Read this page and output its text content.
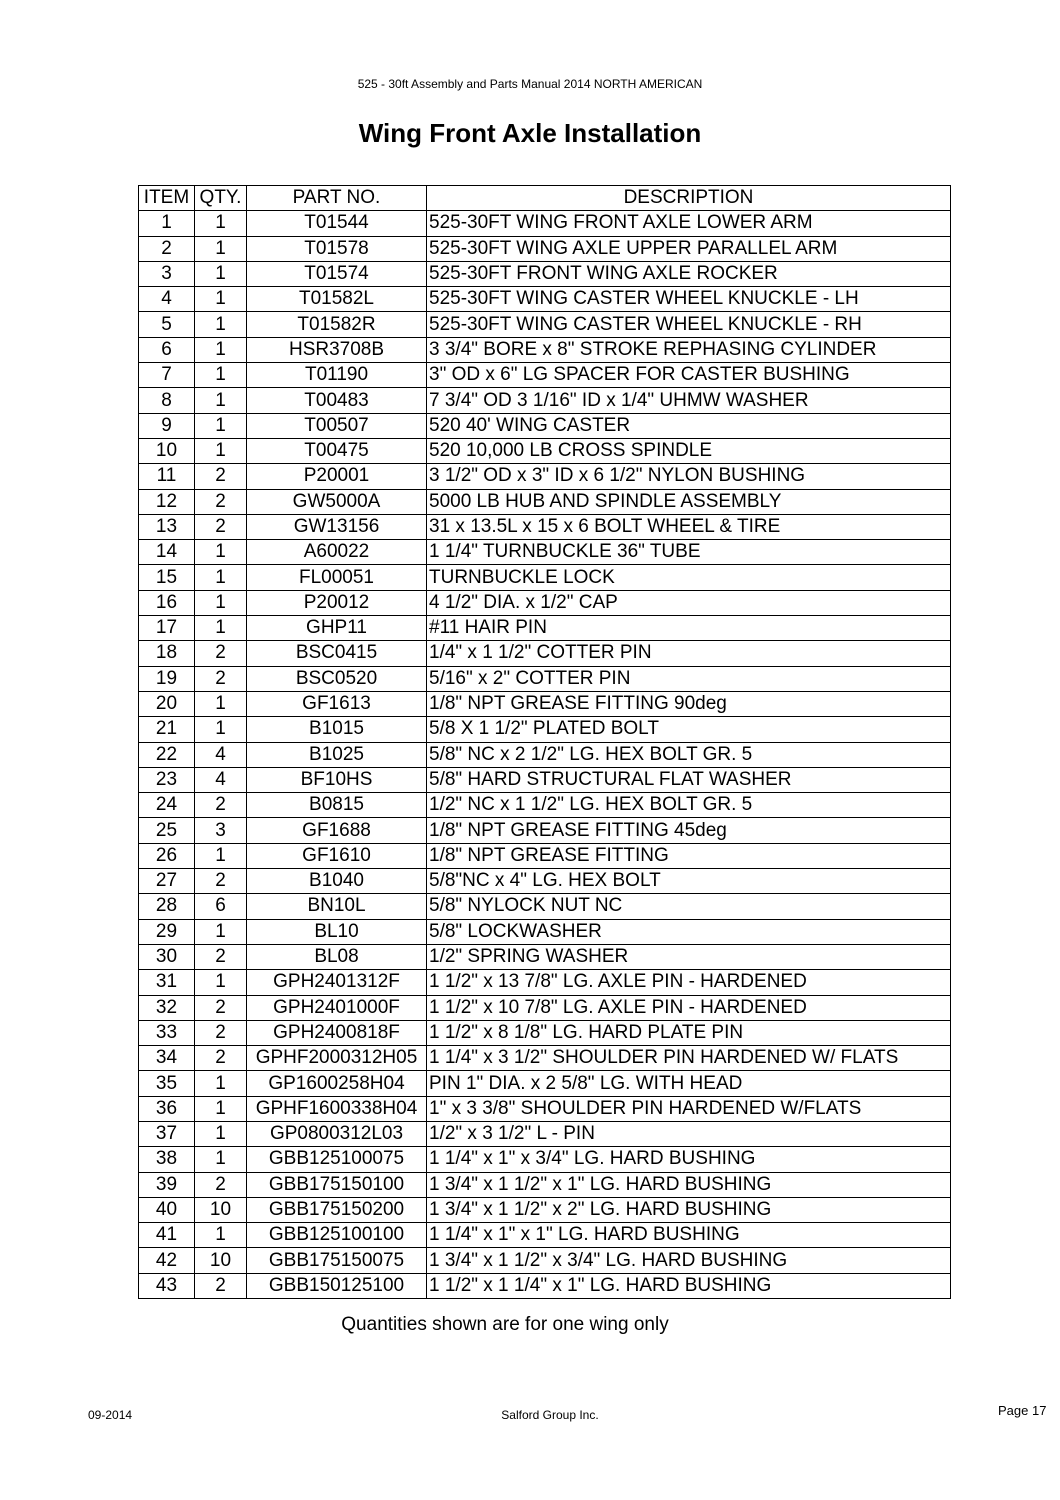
525 - 30ft Assembly and Parts Manual 2014 NORTH AMERICAN
Wing Front Axle Installation
ITEM	QTY.	PART NO.	DESCRIPTION
1	1	T01544	525-30FT WING FRONT AXLE LOWER ARM
2	1	T01578	525-30FT WING AXLE UPPER PARALLEL ARM
3	1	T01574	525-30FT FRONT WING AXLE ROCKER
4	1	T01582L	525-30FT WING CASTER WHEEL KNUCKLE - LH
5	1	T01582R	525-30FT WING CASTER WHEEL KNUCKLE - RH
6	1	HSR3708B	3 3/4" BORE x 8" STROKE REPHASING CYLINDER
7	1	T01190	3" OD x 6" LG SPACER FOR CASTER BUSHING
8	1	T00483	7 3/4" OD 3 1/16" ID x 1/4" UHMW WASHER
9	1	T00507	520 40' WING CASTER
10	1	T00475	520 10,000 LB CROSS SPINDLE
11	2	P20001	3 1/2" OD x 3" ID x 6 1/2" NYLON BUSHING
12	2	GW5000A	5000 LB HUB AND SPINDLE ASSEMBLY
13	2	GW13156	31 x 13.5L x 15 x 6 BOLT WHEEL & TIRE
14	1	A60022	1 1/4" TURNBUCKLE 36" TUBE
15	1	FL00051	TURNBUCKLE LOCK
16	1	P20012	4 1/2" DIA. x 1/2" CAP
17	1	GHP11	#11 HAIR PIN
18	2	BSC0415	1/4" x 1 1/2" COTTER PIN
19	2	BSC0520	5/16" x 2" COTTER PIN
20	1	GF1613	1/8" NPT GREASE FITTING 90deg
21	1	B1015	5/8 X 1 1/2" PLATED BOLT
22	4	B1025	5/8" NC x 2 1/2" LG. HEX BOLT GR. 5
23	4	BF10HS	5/8" HARD STRUCTURAL FLAT WASHER
24	2	B0815	1/2" NC x 1 1/2" LG. HEX BOLT GR. 5
25	3	GF1688	1/8" NPT GREASE FITTING 45deg
26	1	GF1610	1/8" NPT GREASE FITTING
27	2	B1040	5/8"NC x 4" LG. HEX BOLT
28	6	BN10L	5/8" NYLOCK NUT NC
29	1	BL10	5/8" LOCKWASHER
30	2	BL08	1/2" SPRING WASHER
31	1	GPH2401312F	1 1/2" x 13 7/8" LG. AXLE PIN - HARDENED
32	2	GPH2401000F	1 1/2" x 10 7/8" LG. AXLE PIN - HARDENED
33	2	GPH2400818F	1 1/2" x 8 1/8" LG. HARD PLATE PIN
34	2	GPHF2000312H05	1 1/4" x 3 1/2" SHOULDER PIN HARDENED W/ FLATS
35	1	GP1600258H04	PIN 1" DIA. x 2 5/8" LG. WITH HEAD
36	1	GPHF1600338H04	1" x 3 3/8" SHOULDER PIN HARDENED W/FLATS
37	1	GP0800312L03	1/2" x 3 1/2" L - PIN
38	1	GBB125100075	1 1/4" x 1" x 3/4" LG. HARD BUSHING
39	2	GBB175150100	1 3/4" x 1 1/2" x 1" LG. HARD BUSHING
40	10	GBB175150200	1 3/4" x 1 1/2" x 2" LG. HARD BUSHING
41	1	GBB125100100	1 1/4" x 1" x 1" LG. HARD BUSHING
42	10	GBB175150075	1 3/4" x 1 1/2" x 3/4" LG. HARD BUSHING
43	2	GBB150125100	1 1/2" x 1 1/4" x 1" LG. HARD BUSHING
Quantities shown are for one wing only
09-2014	Salford Group Inc.	Page 17
